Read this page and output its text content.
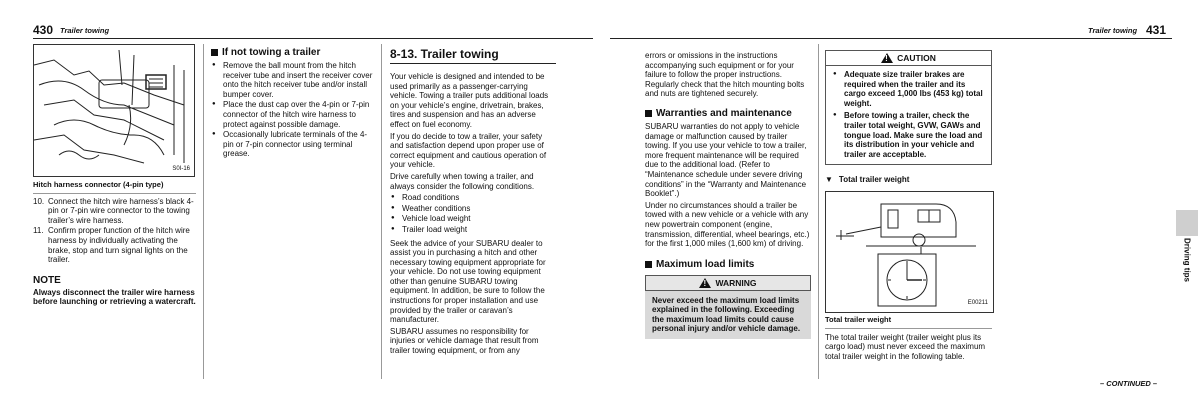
430 Trailer towing	Trailer towing 431
S0I-16
Hitch harness connector (4-pin type)
10. Connect the hitch wire harness’s black 4-pin or 7-pin wire connector to the towing trailer’s wire harness.
11. Confirm proper function of the hitch wire harness by individually activating the brake, stop and turn signal lights on the trailer.
NOTE
Always disconnect the trailer wire harness before launching or retrieving a watercraft.
If not towing a trailer
● Remove the ball mount from the hitch receiver tube and insert the receiver cover onto the hitch receiver tube and/or install bumper cover.
● Place the dust cap over the 4-pin or 7-pin connector of the hitch wire harness to protect against possible damage.
● Occasionally lubricate terminals of the 4-pin or 7-pin connector using terminal grease.
8-13. Trailer towing

Your vehicle is designed and intended to be used primarily as a passenger-carrying vehicle. Towing a trailer puts additional loads on your vehicle’s engine, drivetrain, brakes, tires and suspension and has an adverse effect on fuel economy.

If you do decide to tow a trailer, your safety and satisfaction depend upon proper use of correct equipment and cautious operation of your vehicle.

Drive carefully when towing a trailer, and always consider the following conditions.

● Road conditions
● Weather conditions
● Vehicle load weight
● Trailer load weight

Seek the advice of your SUBARU dealer to assist you in purchasing a hitch and other necessary towing equipment appropriate for your vehicle. Do not use towing equipment other than genuine SUBARU towing equipment. In addition, be sure to follow the instructions for proper installation and use provided by the trailer or caravan’s manufacturer.

SUBARU assumes no responsibility for injuries or vehicle damage that result from trailer towing equipment, or from any

errors or omissions in the instructions accompanying such equipment or for your failure to follow the proper instructions. Regularly check that the hitch mounting bolts and nuts are tightened securely.
Warranties and maintenance

SUBARU warranties do not apply to vehicle damage or malfunction caused by trailer towing. If you use your vehicle to tow a trailer, more frequent maintenance will be required due to the additional load. (Refer to “Maintenance schedule under severe driving conditions” in the “Warranty and Maintenance Booklet”.)

Under no circumstances should a trailer be towed with a new vehicle or a vehicle with any new powertrain component (engine, transmission, differential, wheel bearings, etc.) for the first 1,000 miles (1,600 km) of driving.

Maximum load limits
!
WARNING
Never exceed the maximum load limits explained in the following. Exceeding the maximum load limits could cause personal injury and/or vehicle damage.
!
CAUTION
● Adequate size trailer brakes are required when the trailer and its cargo exceed 1,000 lbs (453 kg) total weight.
● Before towing a trailer, check the trailer total weight, GVW, GAWs and tongue load. Make sure the load and its distribution in your vehicle and trailer are acceptable.
▼ Total trailer weight
E00211
Total trailer weight
The total trailer weight (trailer weight plus its cargo load) must never exceed the maximum total trailer weight in the following table.
– CONTINUED –
Driving tips
